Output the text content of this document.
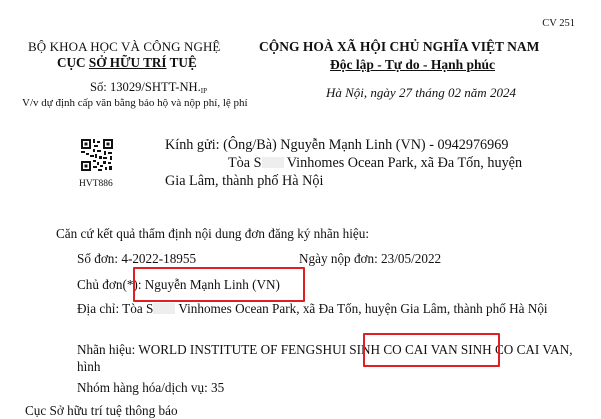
CV 251
BỘ KHOA HỌC VÀ CÔNG NGHỆ
CỤC SỞ HỮU TRÍ TUỆ
Số: 13029/SHTT-NH.IP
V/v dự định cấp văn bằng bảo hộ và nộp phí, lệ phí
CỘNG HOÀ XÃ HỘI CHỦ NGHĨA VIỆT NAM
Độc lập - Tự do - Hạnh phúc
Hà Nội, ngày 27 tháng 02 năm 2024
HVT886
Kính gửi: (Ông/Bà) Nguyễn Mạnh Linh (VN) - 0942976969
Tòa S Vinhomes Ocean Park, xã Đa Tốn, huyện
Gia Lâm, thành phố Hà Nội
Căn cứ kết quả thẩm định nội dung đơn đăng ký nhãn hiệu:
Số đơn: 4-2022-18955	Ngày nộp đơn: 23/05/2022
Chủ đơn(*): Nguyễn Mạnh Linh (VN)
Địa chỉ: Tòa S Vinhomes Ocean Park, xã Đa Tốn, huyện Gia Lâm, thành phố Hà Nội
Nhãn hiệu: WORLD INSTITUTE OF FENGSHUI SINH CO CAI VAN SINH CO CAI VAN, hình
Nhóm hàng hóa/dịch vụ: 35
Cục Sở hữu trí tuệ thông báo
